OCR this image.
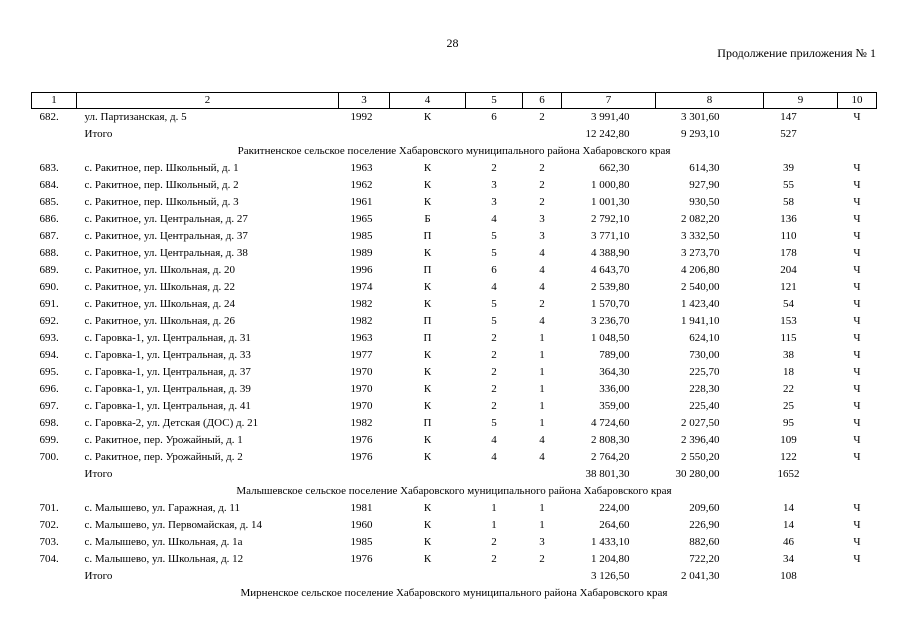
28
Продолжение приложения № 1
1	2	3	4	5	6	7	8	9	10
682.	ул. Партизанская, д. 5	1992	К	6	2	3 991,40	3 301,60	147	Ч
	Итого					12 242,80	9 293,10	527	
Ракитненское сельское поселение Хабаровского муниципального района Хабаровского края									
683.	с. Ракитное, пер. Школьный, д. 1	1963	К	2	2	662,30	614,30	39	Ч
684.	с. Ракитное, пер. Школьный, д. 2	1962	К	3	2	1 000,80	927,90	55	Ч
685.	с. Ракитное, пер. Школьный, д. 3	1961	К	3	2	1 001,30	930,50	58	Ч
686.	с. Ракитное, ул. Центральная, д. 27	1965	Б	4	3	2 792,10	2 082,20	136	Ч
687.	с. Ракитное, ул. Центральная, д. 37	1985	П	5	3	3 771,10	3 332,50	110	Ч
688.	с. Ракитное, ул. Центральная, д. 38	1989	К	5	4	4 388,90	3 273,70	178	Ч
689.	с. Ракитное, ул. Школьная, д. 20	1996	П	6	4	4 643,70	4 206,80	204	Ч
690.	с. Ракитное, ул. Школьная, д. 22	1974	К	4	4	2 539,80	2 540,00	121	Ч
691.	с. Ракитное, ул. Школьная, д. 24	1982	К	5	2	1 570,70	1 423,40	54	Ч
692.	с. Ракитное, ул. Школьная, д. 26	1982	П	5	4	3 236,70	1 941,10	153	Ч
693.	с. Гаровка-1, ул. Центральная, д. 31	1963	П	2	1	1 048,50	624,10	115	Ч
694.	с. Гаровка-1, ул. Центральная, д. 33	1977	К	2	1	789,00	730,00	38	Ч
695.	с. Гаровка-1, ул. Центральная, д. 37	1970	К	2	1	364,30	225,70	18	Ч
696.	с. Гаровка-1, ул. Центральная, д. 39	1970	К	2	1	336,00	228,30	22	Ч
697.	с. Гаровка-1, ул. Центральная, д. 41	1970	К	2	1	359,00	225,40	25	Ч
698.	с. Гаровка-2, ул. Детская (ДОС) д. 21	1982	П	5	1	4 724,60	2 027,50	95	Ч
699.	с. Ракитное, пер. Урожайный, д. 1	1976	К	4	4	2 808,30	2 396,40	109	Ч
700.	с. Ракитное, пер. Урожайный, д. 2	1976	К	4	4	2 764,20	2 550,20	122	Ч
	Итого					38 801,30	30 280,00	1652	
Малышевское сельское поселение Хабаровского муниципального района Хабаровского края									
701.	с. Малышево, ул. Гаражная, д. 11	1981	К	1	1	224,00	209,60	14	Ч
702.	с. Малышево, ул. Первомайская, д. 14	1960	К	1	1	264,60	226,90	14	Ч
703.	с. Малышево, ул. Школьная, д. 1а	1985	К	2	3	1 433,10	882,60	46	Ч
704.	с. Малышево, ул. Школьная, д. 12	1976	К	2	2	1 204,80	722,20	34	Ч
	Итого					3 126,50	2 041,30	108	
Мирненское сельское поселение Хабаровского муниципального района Хабаровского края									
